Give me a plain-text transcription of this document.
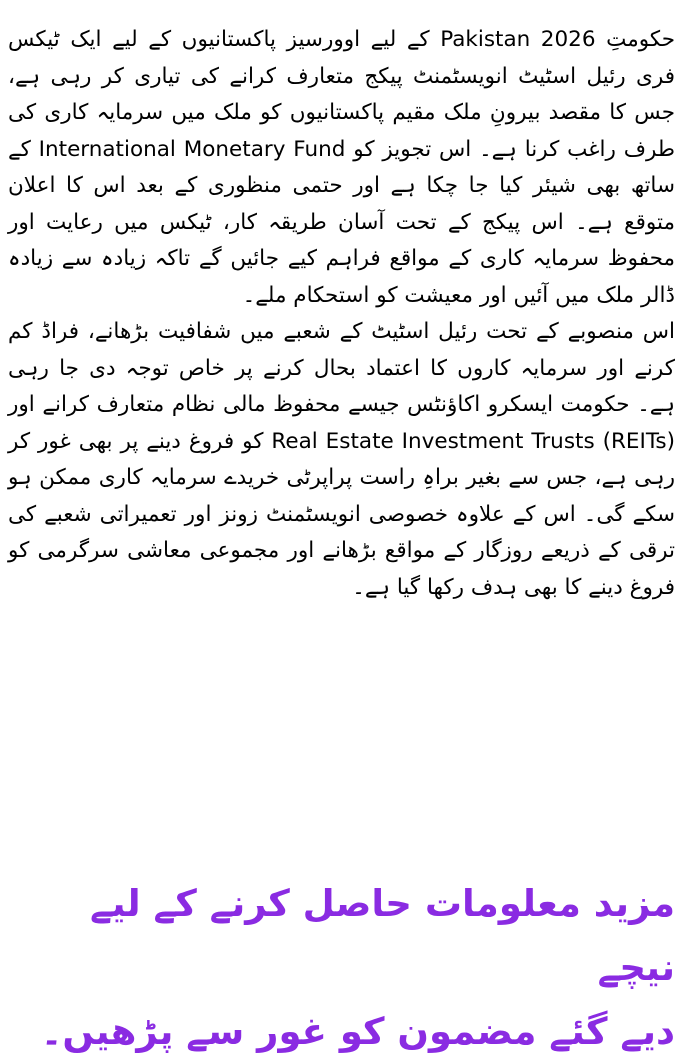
حکومتِ Pakistan 2026 کے لیے اوورسیز پاکستانیوں کے لیے ایک ٹیکس فری رئیل اسٹیٹ انویسٹمنٹ پیکج متعارف کرانے کی تیاری کر رہی ہے، جس کا مقصد بیرونِ ملک مقیم پاکستانیوں کو ملک میں سرمایہ کاری کی طرف راغب کرنا ہے۔ اس تجویز کو International Monetary Fund کے ساتھ بھی شیئر کیا جا چکا ہے اور حتمی منظوری کے بعد اس کا اعلان متوقع ہے۔ اس پیکج کے تحت آسان طریقہ کار، ٹیکس میں رعایت اور محفوظ سرمایہ کاری کے مواقع فراہم کیے جائیں گے تاکہ زیادہ سے زیادہ ڈالر ملک میں آئیں اور معیشت کو استحکام ملے۔

اس منصوبے کے تحت رئیل اسٹیٹ کے شعبے میں شفافیت بڑھانے، فراڈ کم کرنے اور سرمایہ کاروں کا اعتماد بحال کرنے پر خاص توجہ دی جا رہی ہے۔ حکومت ایسکرو اکاؤنٹس جیسے محفوظ مالی نظام متعارف کرانے اور Real Estate Investment Trusts (REITs) کو فروغ دینے پر بھی غور کر رہی ہے، جس سے بغیر براہِ راست پراپرٹی خریدے سرمایہ کاری ممکن ہو سکے گی۔ اس کے علاوہ خصوصی انویسٹمنٹ زونز اور تعمیراتی شعبے کی ترقی کے ذریعے روزگار کے مواقع بڑھانے اور مجموعی معاشی سرگرمی کو فروغ دینے کا بھی ہدف رکھا گیا ہے۔

مزید معلومات حاصل کرنے کے لیے نیچے
دیے گئے مضمون کو غور سے پڑھیں۔
